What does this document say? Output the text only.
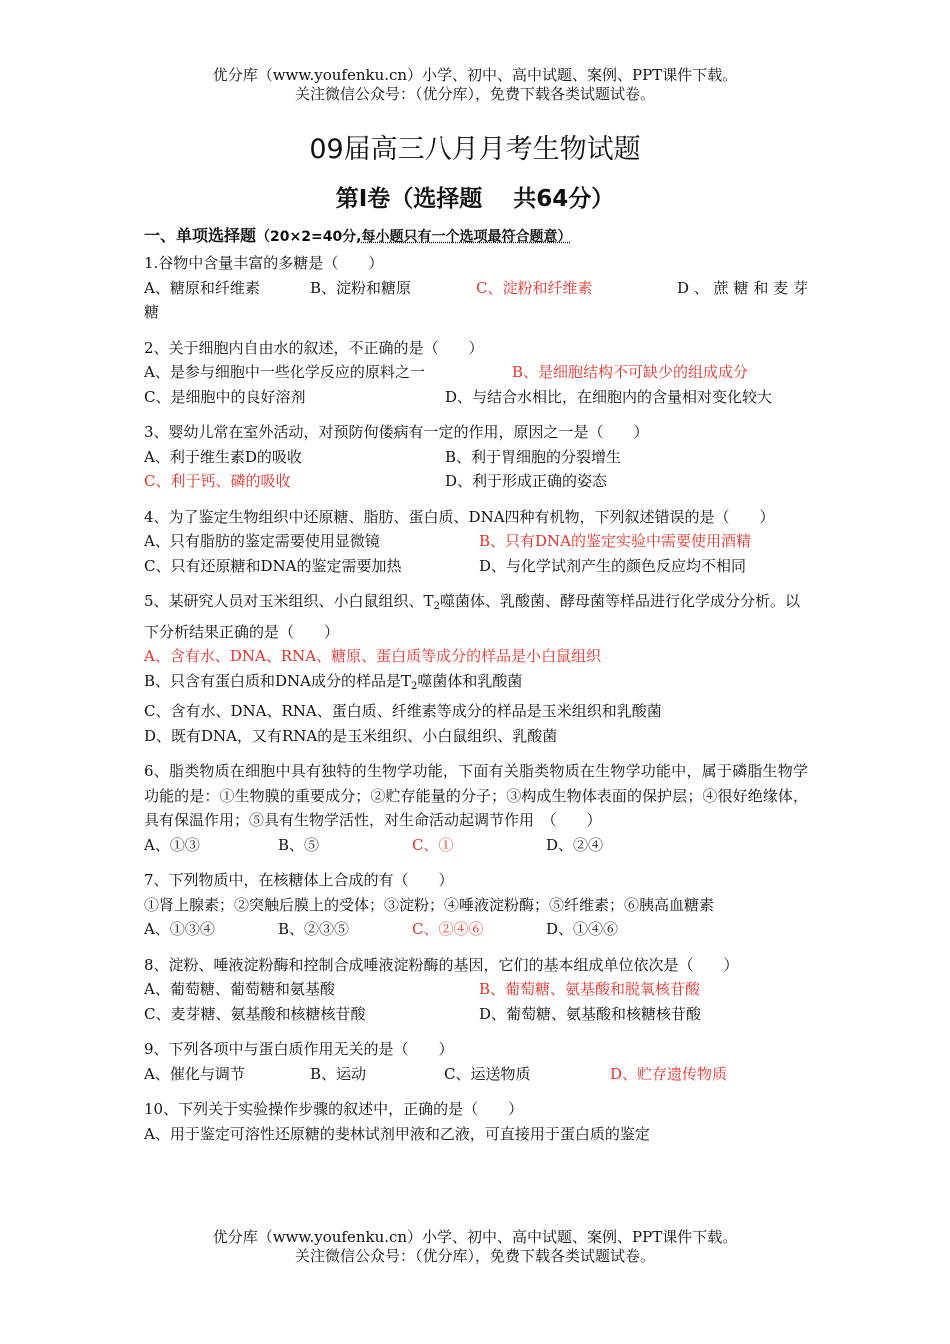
优分库（www.youfenku.cn）小学、初中、高中试题、案例、PPT课件下载。
关注微信公众号：（优分库），免费下载各类试题试卷。
09届高三八月月考生物试题
第Ⅰ卷（选择题　 共64分）
一、单项选择题（20×2=40分,每小题只有一个选项最符合题意）
1.谷物中含量丰富的多糖是（　　）
A、糖原和纤维素	B、淀粉和糖原	C、淀粉和纤维素	D、蔗糖和麦芽
糖
2、关于细胞内自由水的叙述，不正确的是（　　）
A、是参与细胞中一些化学反应的原料之一	B、是细胞结构不可缺少的组成成分
C、是细胞中的良好溶剂	D、与结合水相比，在细胞内的含量相对变化较大
3、婴幼儿常在室外活动，对预防佝偻病有一定的作用，原因之一是（　　）
A、利于维生素D的吸收	B、利于胃细胞的分裂增生
C、利于钙、磷的吸收	D、利于形成正确的姿态
4、为了鉴定生物组织中还原糖、脂肪、蛋白质、DNA四种有机物，下列叙述错误的是（　　）
A、只有脂肪的鉴定需要使用显微镜	B、只有DNA的鉴定实验中需要使用酒精
C、只有还原糖和DNA的鉴定需要加热	D、与化学试剂产生的颜色反应均不相同
5、某研究人员对玉米组织、小白鼠组织、$T_2$噬菌体、乳酸菌、酵母菌等样品进行化学成分分析。以下分析结果正确的是（　　）
A、含有水、DNA、RNA、糖原、蛋白质等成分的样品是小白鼠组织
B、只含有蛋白质和DNA成分的样品是$T_2$噬菌体和乳酸菌
C、含有水、DNA、RNA、蛋白质、纤维素等成分的样品是玉米组织和乳酸菌
D、既有DNA，又有RNA的是玉米组织、小白鼠组织、乳酸菌
6、脂类物质在细胞中具有独特的生物学功能，下面有关脂类物质在生物学功能中，属于磷脂生物学功能的是：①生物膜的重要成分；②贮存能量的分子；③构成生物体表面的保护层；④很好绝缘体，具有保温作用；⑤具有生物学活性，对生命活动起调节作用　（　　）
A、①③	B、⑤	C、①	D、②④
7、下列物质中，在核糖体上合成的有（　　）
①肾上腺素；②突触后膜上的受体；③淀粉；④唾液淀粉酶；⑤纤维素；⑥胰高血糖素
A、①③④	B、②③⑤	C、②④⑥	D、①④⑥
8、淀粉、唾液淀粉酶和控制合成唾液淀粉酶的基因，它们的基本组成单位依次是（　　）
A、葡萄糖、葡萄糖和氨基酸	B、葡萄糖、氨基酸和脱氧核苷酸
C、麦芽糖、氨基酸和核糖核苷酸	D、葡萄糖、氨基酸和核糖核苷酸
9、下列各项中与蛋白质作用无关的是（　　）
A、催化与调节	B、运动	C、运送物质	D、贮存遗传物质
10、下列关于实验操作步骤的叙述中，正确的是（　　）
A、用于鉴定可溶性还原糖的斐林试剂甲液和乙液，可直接用于蛋白质的鉴定
优分库（www.youfenku.cn）小学、初中、高中试题、案例、PPT课件下载。
关注微信公众号：（优分库），免费下载各类试题试卷。
